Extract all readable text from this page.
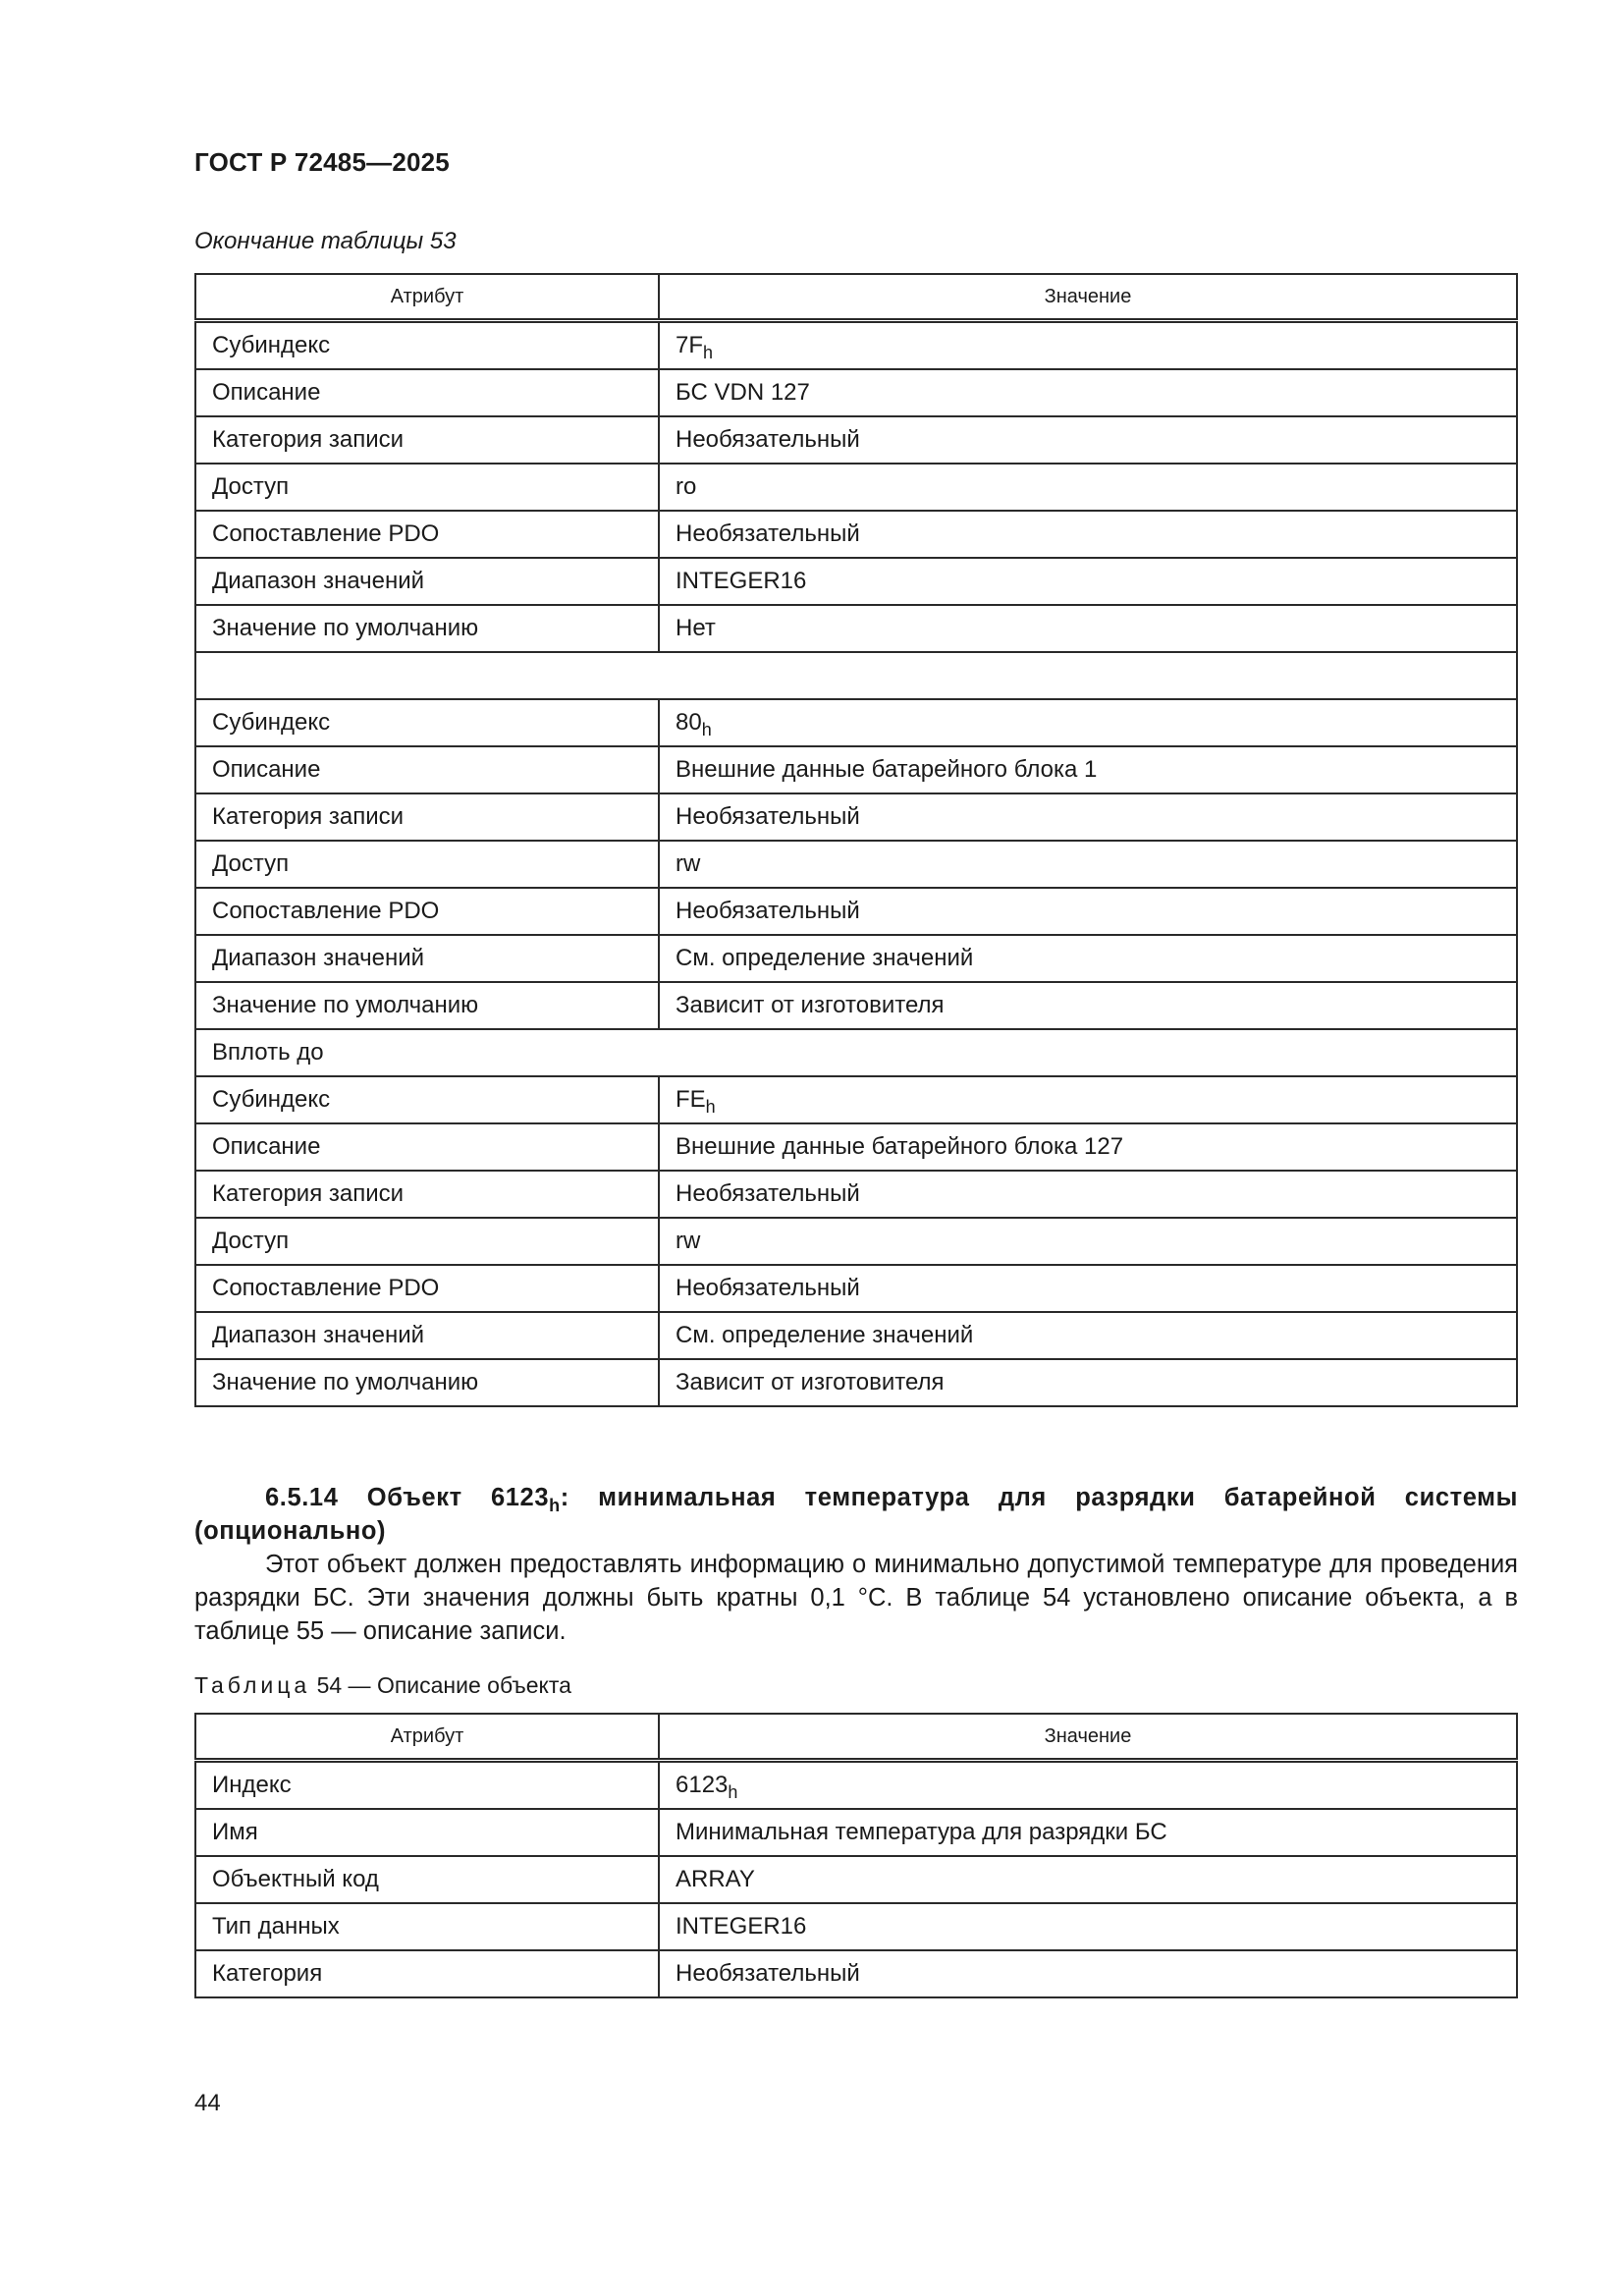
ГОСТ Р 72485—2025
Окончание таблицы 53
Атрибут	Значение
Субиндекс	$7F_h$
Описание	БС VDN 127
Категория записи	Необязательный
Доступ	ro
Сопоставление PDO	Необязательный
Диапазон значений	INTEGER16
Значение по умолчанию	Нет

Субиндекс	$80_h$
Описание	Внешние данные батарейного блока 1
Категория записи	Необязательный
Доступ	rw
Сопоставление PDO	Необязательный
Диапазон значений	См. определение значений
Значение по умолчанию	Зависит от изготовителя
Вплоть до	
Субиндекс	$FE_h$
Описание	Внешние данные батарейного блока 127
Категория записи	Необязательный
Доступ	rw
Сопоставление PDO	Необязательный
Диапазон значений	См. определение значений
Значение по умолчанию	Зависит от изготовителя
6.5.14 Объект $6123_h$: минимальная температура для разрядки батарейной системы (опционально)
Этот объект должен предоставлять информацию о минимально допустимой температуре для проведения разрядки БС. Эти значения должны быть кратны 0,1 °С. В таблице 54 установлено описание объекта, а в таблице 55 — описание записи.
Таблица 54 — Описание объекта
Атрибут	Значение
Индекс	$6123_h$
Имя	Минимальная температура для разрядки БС
Объектный код	ARRAY
Тип данных	INTEGER16
Категория	Необязательный
44
